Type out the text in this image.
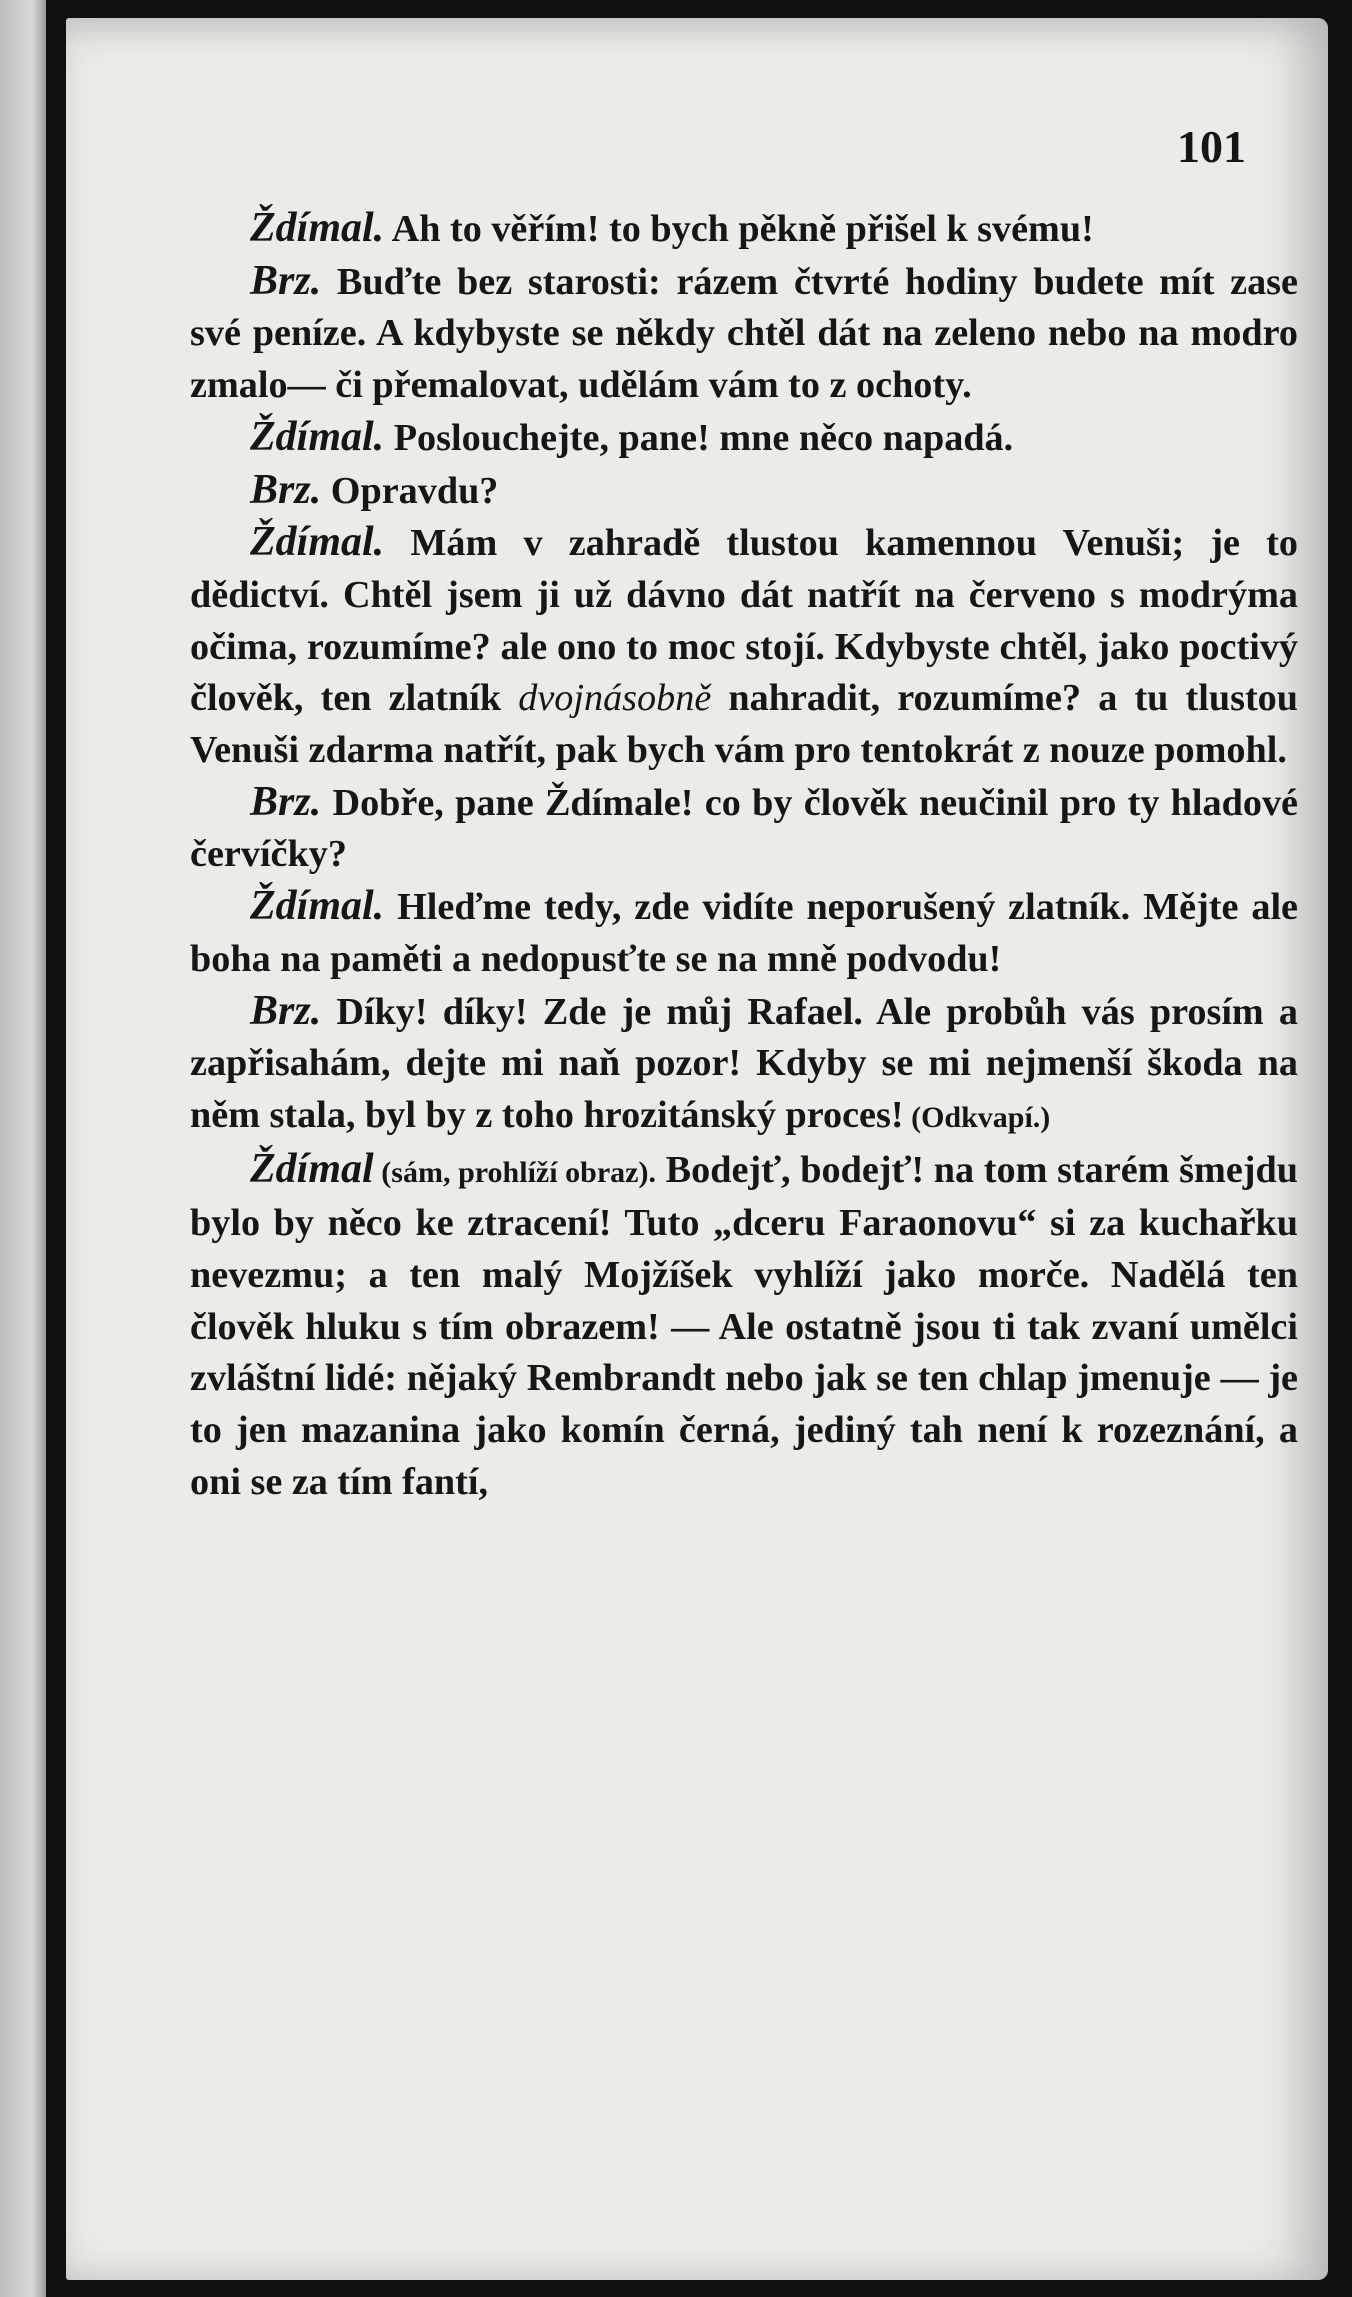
101

Ždímal. Ah to věřím! to bych pěkně přišel k svému!

Brz. Buďte bez starosti: rázem čtvrté hodiny budete mít zase své peníze. A kdybyste se někdy chtěl dát na zeleno nebo na modro zmalo— či přemalovat, udělám vám to z ochoty.

Ždímal. Poslouchejte, pane! mne něco napadá.

Brz. Opravdu?

Ždímal. Mám v zahradě tlustou kamennou Venuši; je to dědictví. Chtěl jsem ji už dávno dát natřít na červeno s modrýma očima, rozumíme? ale ono to moc stojí. Kdybyste chtěl, jako poctivý člověk, ten zlatník dvojnásobně nahradit, rozumíme? a tu tlustou Venuši zdarma natřít, pak bych vám pro tentokrát z nouze pomohl.

Brz. Dobře, pane Ždímale! co by člověk neučinil pro ty hladové červíčky?

Ždímal. Hleďme tedy, zde vidíte neporušený zlatník. Mějte ale boha na paměti a nedopusťte se na mně podvodu!

Brz. Díky! díky! Zde je můj Rafael. Ale probůh vás prosím a zapřisahám, dejte mi naň pozor! Kdyby se mi nejmenší škoda na něm stala, byl by z toho hrozitánský proces! (Odkvapí.)

Ždímal (sám, prohlíží obraz). Bodejť, bodejť! na tom starém šmejdu bylo by něco ke ztracení! Tuto „dceru Faraonovu“ si za kuchařku nevezmu; a ten malý Mojžíšek vyhlíží jako morče. Nadělá ten člověk hluku s tím obrazem! — Ale ostatně jsou ti tak zvaní umělci zvláštní lidé: nějaký Rembrandt nebo jak se ten chlap jmenuje — je to jen mazanina jako komín černá, jediný tah není k rozeznání, a oni se za tím fantí,
